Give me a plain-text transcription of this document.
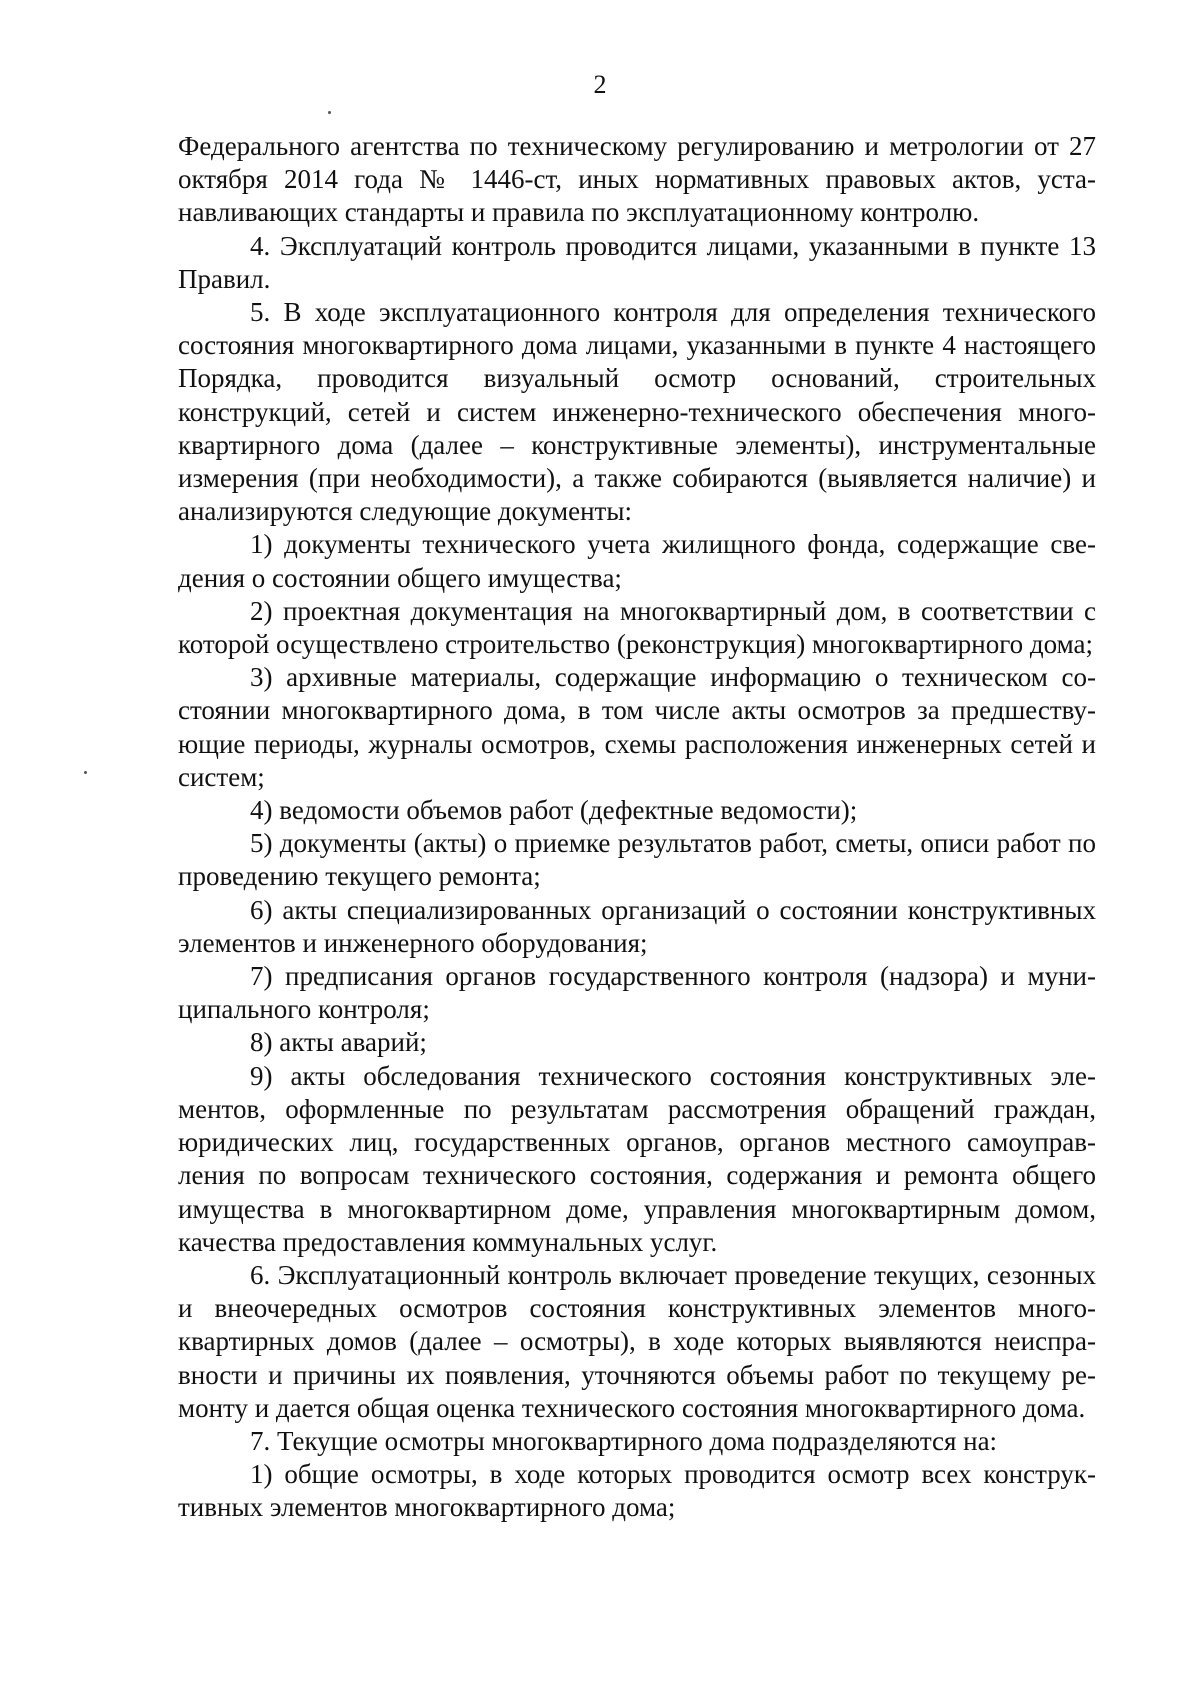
2

Федерального агентства по техническому регулированию и метрологии от 27 октября 2014 года № 1446-ст, иных нормативных правовых актов, устанавливающих стандарты и правила по эксплуатационному контролю.

4. Эксплуатаций контроль проводится лицами, указанными в пункте 13 Правил.

5. В ходе эксплуатационного контроля для определения технического состояния многоквартирного дома лицами, указанными в пункте 4 настоящего Порядка, проводится визуальный осмотр оснований, строительных конструкций, сетей и систем инженерно-технического обеспечения многоквартирного дома (далее – конструктивные элементы), инструментальные измерения (при необходимости), а также собираются (выявляется наличие) и анализируются следующие документы:

1) документы технического учета жилищного фонда, содержащие сведения о состоянии общего имущества;

2) проектная документация на многоквартирный дом, в соответствии с которой осуществлено строительство (реконструкция) многоквартирного дома;

3) архивные материалы, содержащие информацию о техническом состоянии многоквартирного дома, в том числе акты осмотров за предшествующие периоды, журналы осмотров, схемы расположения инженерных сетей и систем;

4) ведомости объемов работ (дефектные ведомости);

5) документы (акты) о приемке результатов работ, сметы, описи работ по проведению текущего ремонта;

6) акты специализированных организаций о состоянии конструктивных элементов и инженерного оборудования;

7) предписания органов государственного контроля (надзора) и муниципального контроля;

8) акты аварий;

9) акты обследования технического состояния конструктивных элементов, оформленные по результатам рассмотрения обращений граждан, юридических лиц, государственных органов, органов местного самоуправления по вопросам технического состояния, содержания и ремонта общего имущества в многоквартирном доме, управления многоквартирным домом, качества предоставления коммунальных услуг.

6. Эксплуатационный контроль включает проведение текущих, сезонных и внеочередных осмотров состояния конструктивных элементов многоквартирных домов (далее – осмотры), в ходе которых выявляются неисправности и причины их появления, уточняются объемы работ по текущему ремонту и дается общая оценка технического состояния многоквартирного дома.

7. Текущие осмотры многоквартирного дома подразделяются на:

1) общие осмотры, в ходе которых проводится осмотр всех конструктивных элементов многоквартирного дома;
